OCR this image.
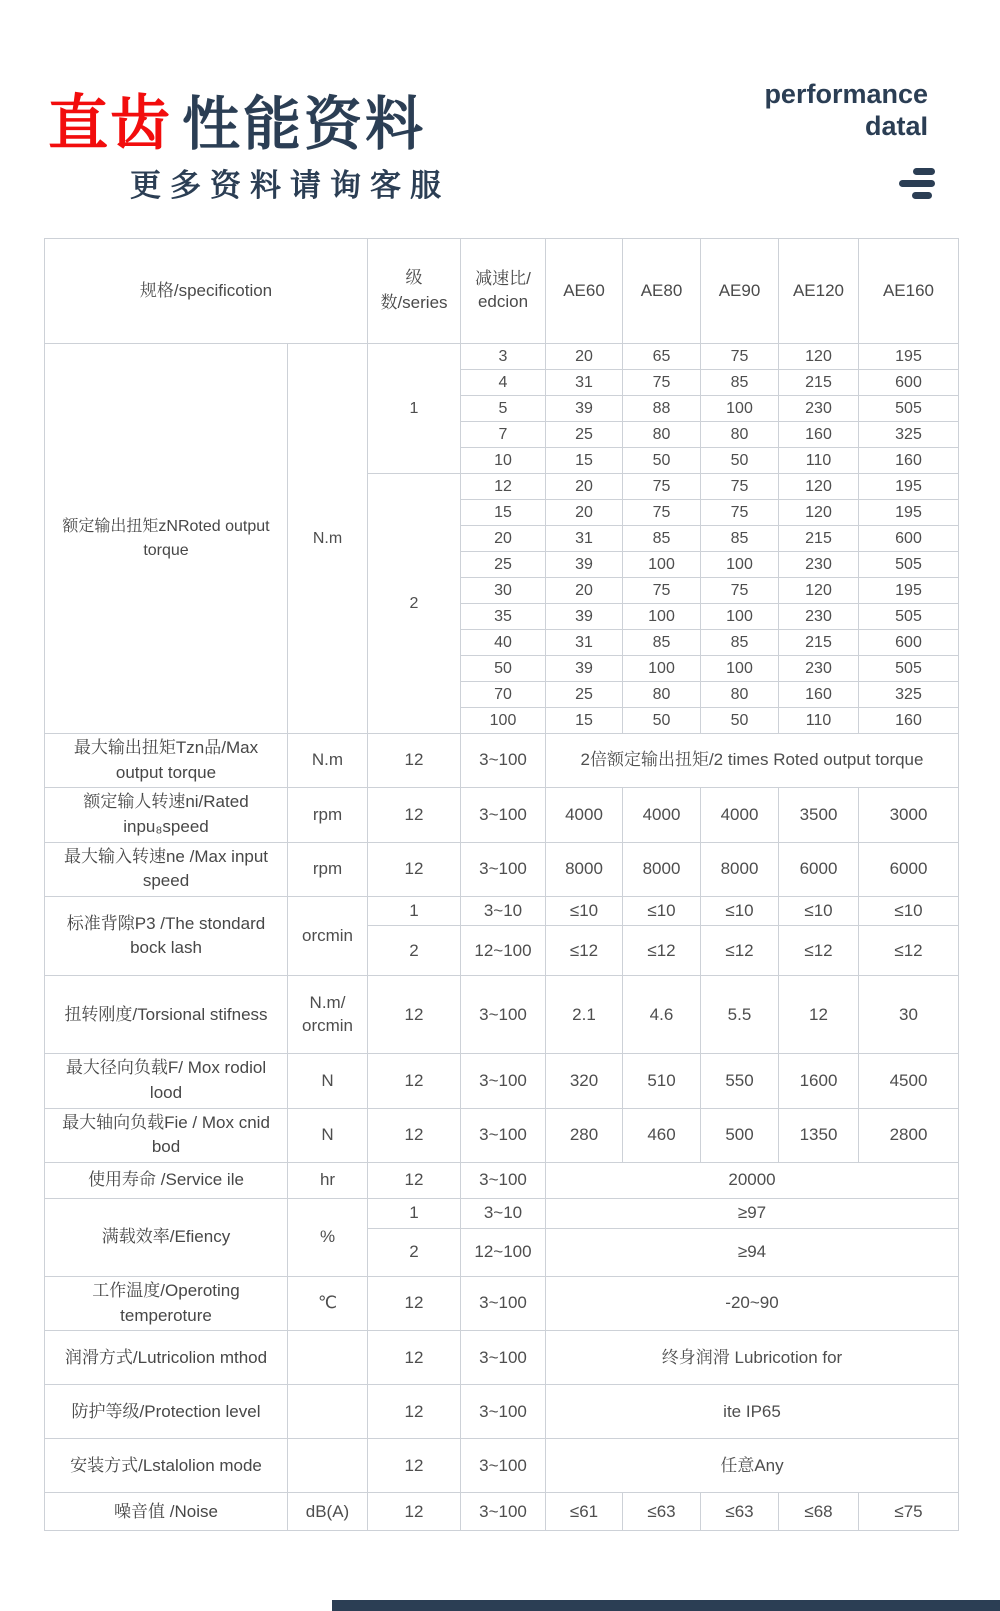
直齿 性能资料
更多资料请询客服
performance
dataI
规格/specificotion		级数/series	减速比/
edcion	AE60	AE80	AE90	AE120	AE160
额定输出扭矩zNRoted output torque	N.m	1	3	20	65	75	120	195
			4	31	75	85	215	600
			5	39	88	100	230	505
			7	25	80	80	160	325
			10	15	50	50	110	160
		2	12	20	75	75	120	195
			15	20	75	75	120	195
			20	31	85	85	215	600
			25	39	100	100	230	505
			30	20	75	75	120	195
			35	39	100	100	230	505
			40	31	85	85	215	600
			50	39	100	100	230	505
			70	25	80	80	160	325
			100	15	50	50	110	160
最大输出扭矩Tzn品/Max output torque	N.m	12	3~100	2倍额定输出扭矩/2 times Roted output torque				
额定输人转速ni/Rated inpu₈speed	rpm	12	3~100	4000	4000	4000	3500	3000
最大输入转速ne /Max input speed	rpm	12	3~100	8000	8000	8000	6000	6000
标准背隙P3 /The stondard bock lash	orcmin	1	3~10	≤10	≤10	≤10	≤10	≤10
		2	12~100	≤12	≤12	≤12	≤12	≤12
扭转刚度/Torsional stifness	N.m/
orcmin	12	3~100	2.1	4.6	5.5	12	30
最大径向负载F/ Mox rodiol lood	N	12	3~100	320	510	550	1600	4500
最大轴向负载Fie / Mox cnid bod	N	12	3~100	280	460	500	1350	2800
使用寿命 /Service ile	hr	12	3~100	20000				
满载效率/Efiency	%	1	3~10	≥97				
		2	12~100	≥94				
工作温度/Operoting temperoture	℃	12	3~100	-20~90				
润滑方式/Lutricolion mthod		12	3~100	终身润滑 Lubricotion for				
防护等级/Protection level		12	3~100	ite IP65				
安装方式/Lstalolion mode		12	3~100	任意Any				
噪音值 /Noise	dB(A)	12	3~100	≤61	≤63	≤63	≤68	≤75
